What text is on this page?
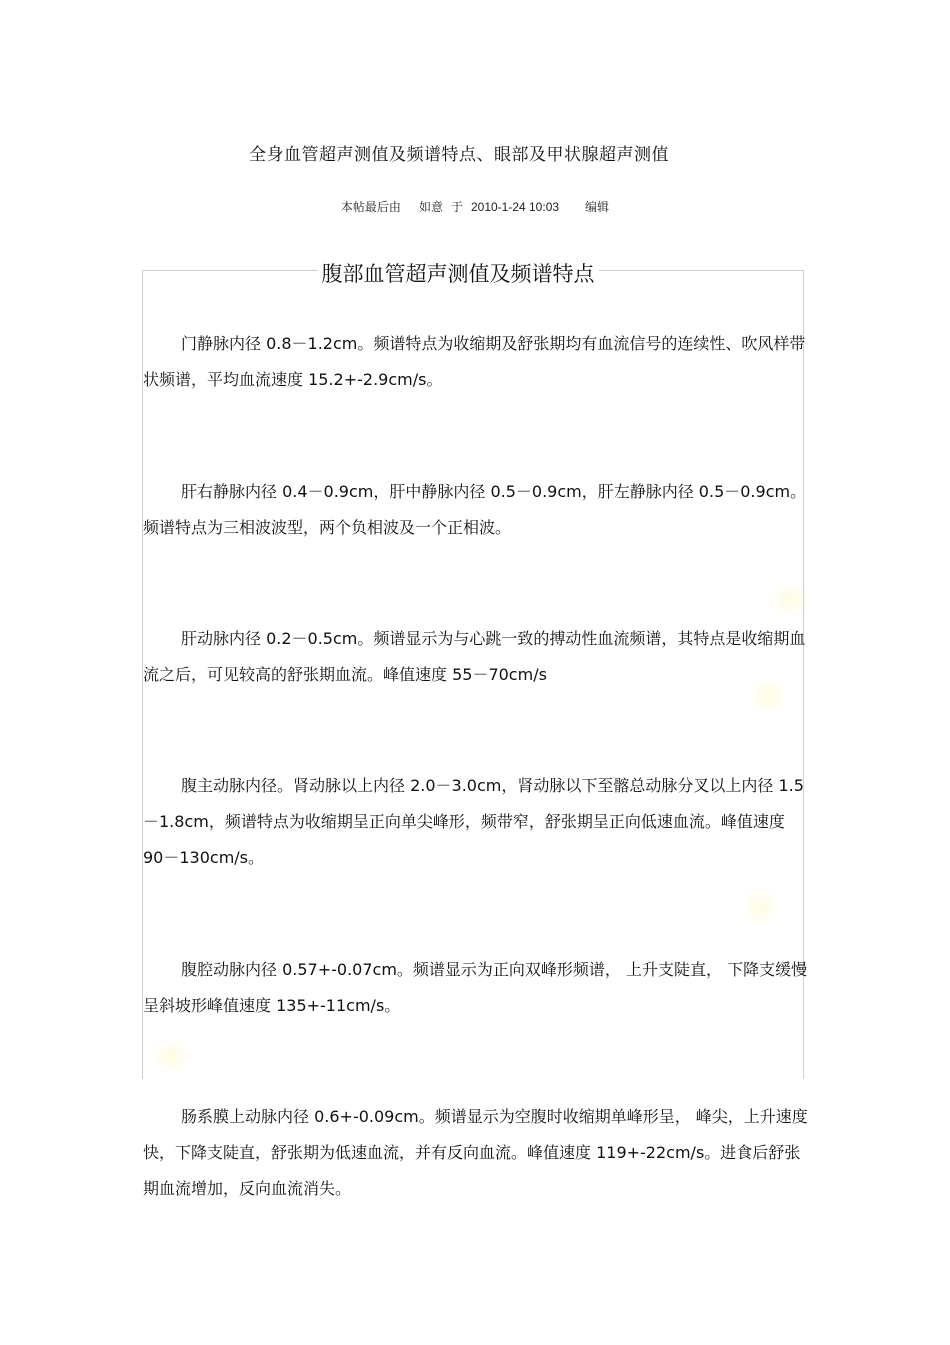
全身血管超声测值及频谱特点、眼部及甲状腺超声测值
本帖最后由 如意 于 2010-1-24 10:03 编辑
腹部血管超声测值及频谱特点

门静脉内径 0.8－1.2cm。频谱特点为收缩期及舒张期均有血流信号的连续性、吹风样带状频谱，平均血流速度 15.2+-2.9cm/s。

肝右静脉内径 0.4－0.9cm，肝中静脉内径 0.5－0.9cm，肝左静脉内径 0.5－0.9cm。频谱特点为三相波波型，两个负相波及一个正相波。

肝动脉内径 0.2－0.5cm。频谱显示为与心跳一致的搏动性血流频谱，其特点是收缩期血流之后，可见较高的舒张期血流。峰值速度 55－70cm/s

腹主动脉内径。肾动脉以上内径 2.0－3.0cm，肾动脉以下至髂总动脉分叉以上内径 1.5－1.8cm，频谱特点为收缩期呈正向单尖峰形，频带窄，舒张期呈正向低速血流。峰值速度 90－130cm/s。

腹腔动脉内径 0.57+-0.07cm。频谱显示为正向双峰形频谱， 上升支陡直， 下降支缓慢呈斜坡形峰值速度 135+-11cm/s。

肠系膜上动脉内径 0.6+-0.09cm。频谱显示为空腹时收缩期单峰形呈， 峰尖，上升速度快，下降支陡直，舒张期为低速血流，并有反向血流。峰值速度 119+-22cm/s。进食后舒张期血流增加，反向血流消失。
